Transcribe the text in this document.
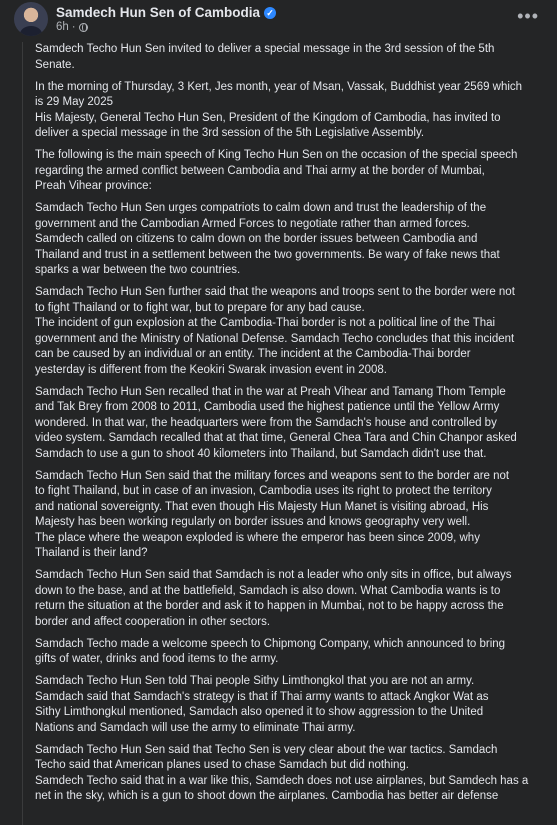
Samdech Hun Sen of Cambodia ✓
6h ·
•••

Samdech Techo Hun Sen invited to deliver a special message in the 3rd session of the 5th
Senate.

In the morning of Thursday, 3 Kert, Jes month, year of Msan, Vassak, Buddhist year 2569 which
is 29 May 2025
His Majesty, General Techo Hun Sen, President of the Kingdom of Cambodia, has invited to
deliver a special message in the 3rd session of the 5th Legislative Assembly.

The following is the main speech of King Techo Hun Sen on the occasion of the special speech
regarding the armed conflict between Cambodia and Thai army at the border of Mumbai,
Preah Vihear province:

Samdach Techo Hun Sen urges compatriots to calm down and trust the leadership of the
government and the Cambodian Armed Forces to negotiate rather than armed forces.
Samdech called on citizens to calm down on the border issues between Cambodia and
Thailand and trust in a settlement between the two governments. Be wary of fake news that
sparks a war between the two countries.

Samdach Techo Hun Sen further said that the weapons and troops sent to the border were not
to fight Thailand or to fight war, but to prepare for any bad cause.
The incident of gun explosion at the Cambodia-Thai border is not a political line of the Thai
government and the Ministry of National Defense. Samdach Techo concludes that this incident
can be caused by an individual or an entity. The incident at the Cambodia-Thai border
yesterday is different from the Keokiri Swarak invasion event in 2008.

Samdach Techo Hun Sen recalled that in the war at Preah Vihear and Tamang Thom Temple
and Tak Brey from 2008 to 2011, Cambodia used the highest patience until the Yellow Army
wondered. In that war, the headquarters were from the Samdach's house and controlled by
video system. Samdach recalled that at that time, General Chea Tara and Chin Chanpor asked
Samdach to use a gun to shoot 40 kilometers into Thailand, but Samdach didn't use that.

Samdach Techo Hun Sen said that the military forces and weapons sent to the border are not
to fight Thailand, but in case of an invasion, Cambodia uses its right to protect the territory
and national sovereignty. That even though His Majesty Hun Manet is visiting abroad, His
Majesty has been working regularly on border issues and knows geography very well.
The place where the weapon exploded is where the emperor has been since 2009, why
Thailand is their land?

Samdach Techo Hun Sen said that Samdach is not a leader who only sits in office, but always
down to the base, and at the battlefield, Samdach is also down. What Cambodia wants is to
return the situation at the border and ask it to happen in Mumbai, not to be happy across the
border and affect cooperation in other sectors.

Samdach Techo made a welcome speech to Chipmong Company, which announced to bring
gifts of water, drinks and food items to the army.

Samdach Techo Hun Sen told Thai people Sithy Limthongkol that you are not an army.
Samdach said that Samdach's strategy is that if Thai army wants to attack Angkor Wat as
Sithy Limthongkul mentioned, Samdach also opened it to show aggression to the United
Nations and Samdach will use the army to eliminate Thai army.

Samdach Techo Hun Sen said that Techo Sen is very clear about the war tactics. Samdach
Techo said that American planes used to chase Samdach but did nothing.
Samdech Techo said that in a war like this, Samdech does not use airplanes, but Samdech has a
net in the sky, which is a gun to shoot down the airplanes. Cambodia has better air defense
